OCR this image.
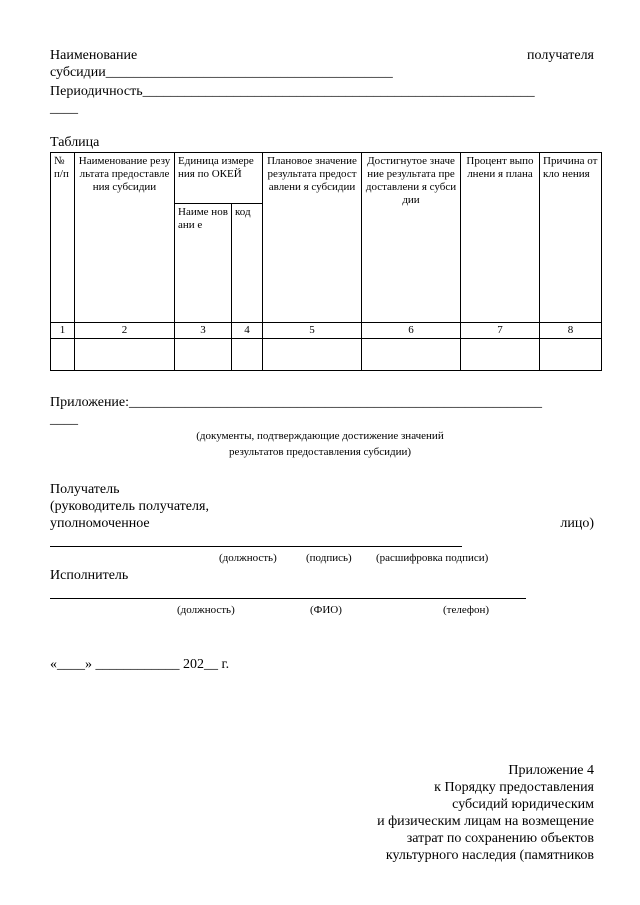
Наименование	получателя
субсидии_________________________________________
Периодичность________________________________________________________
____
Таблица
№ п/п	Наименование результата предоставления субсидии	Единица измерения по ОКЕЙ		Плановое значение результата предоставлени я субсидии	Достигнутое значение результата предоставлени я субсидии	Процент выполнени я плана	Причина откло нения
		Наиме новани е	код				
1	2	3	4	5	6	7	8

Приложение:___________________________________________________________
____
(документы, подтверждающие достижение значений
результатов предоставления субсидии)
Получатель
(руководитель получателя,
уполномоченное	лицо)
(должность)	(подпись) (расшифровка подписи)
Исполнитель
(должность)	(ФИО)	(телефон)
«____» ____________ 202__ г.
Приложение 4
к Порядку предоставления
субсидий юридическим
и физическим лицам на возмещение
затрат по сохранению объектов
культурного наследия (памятников
